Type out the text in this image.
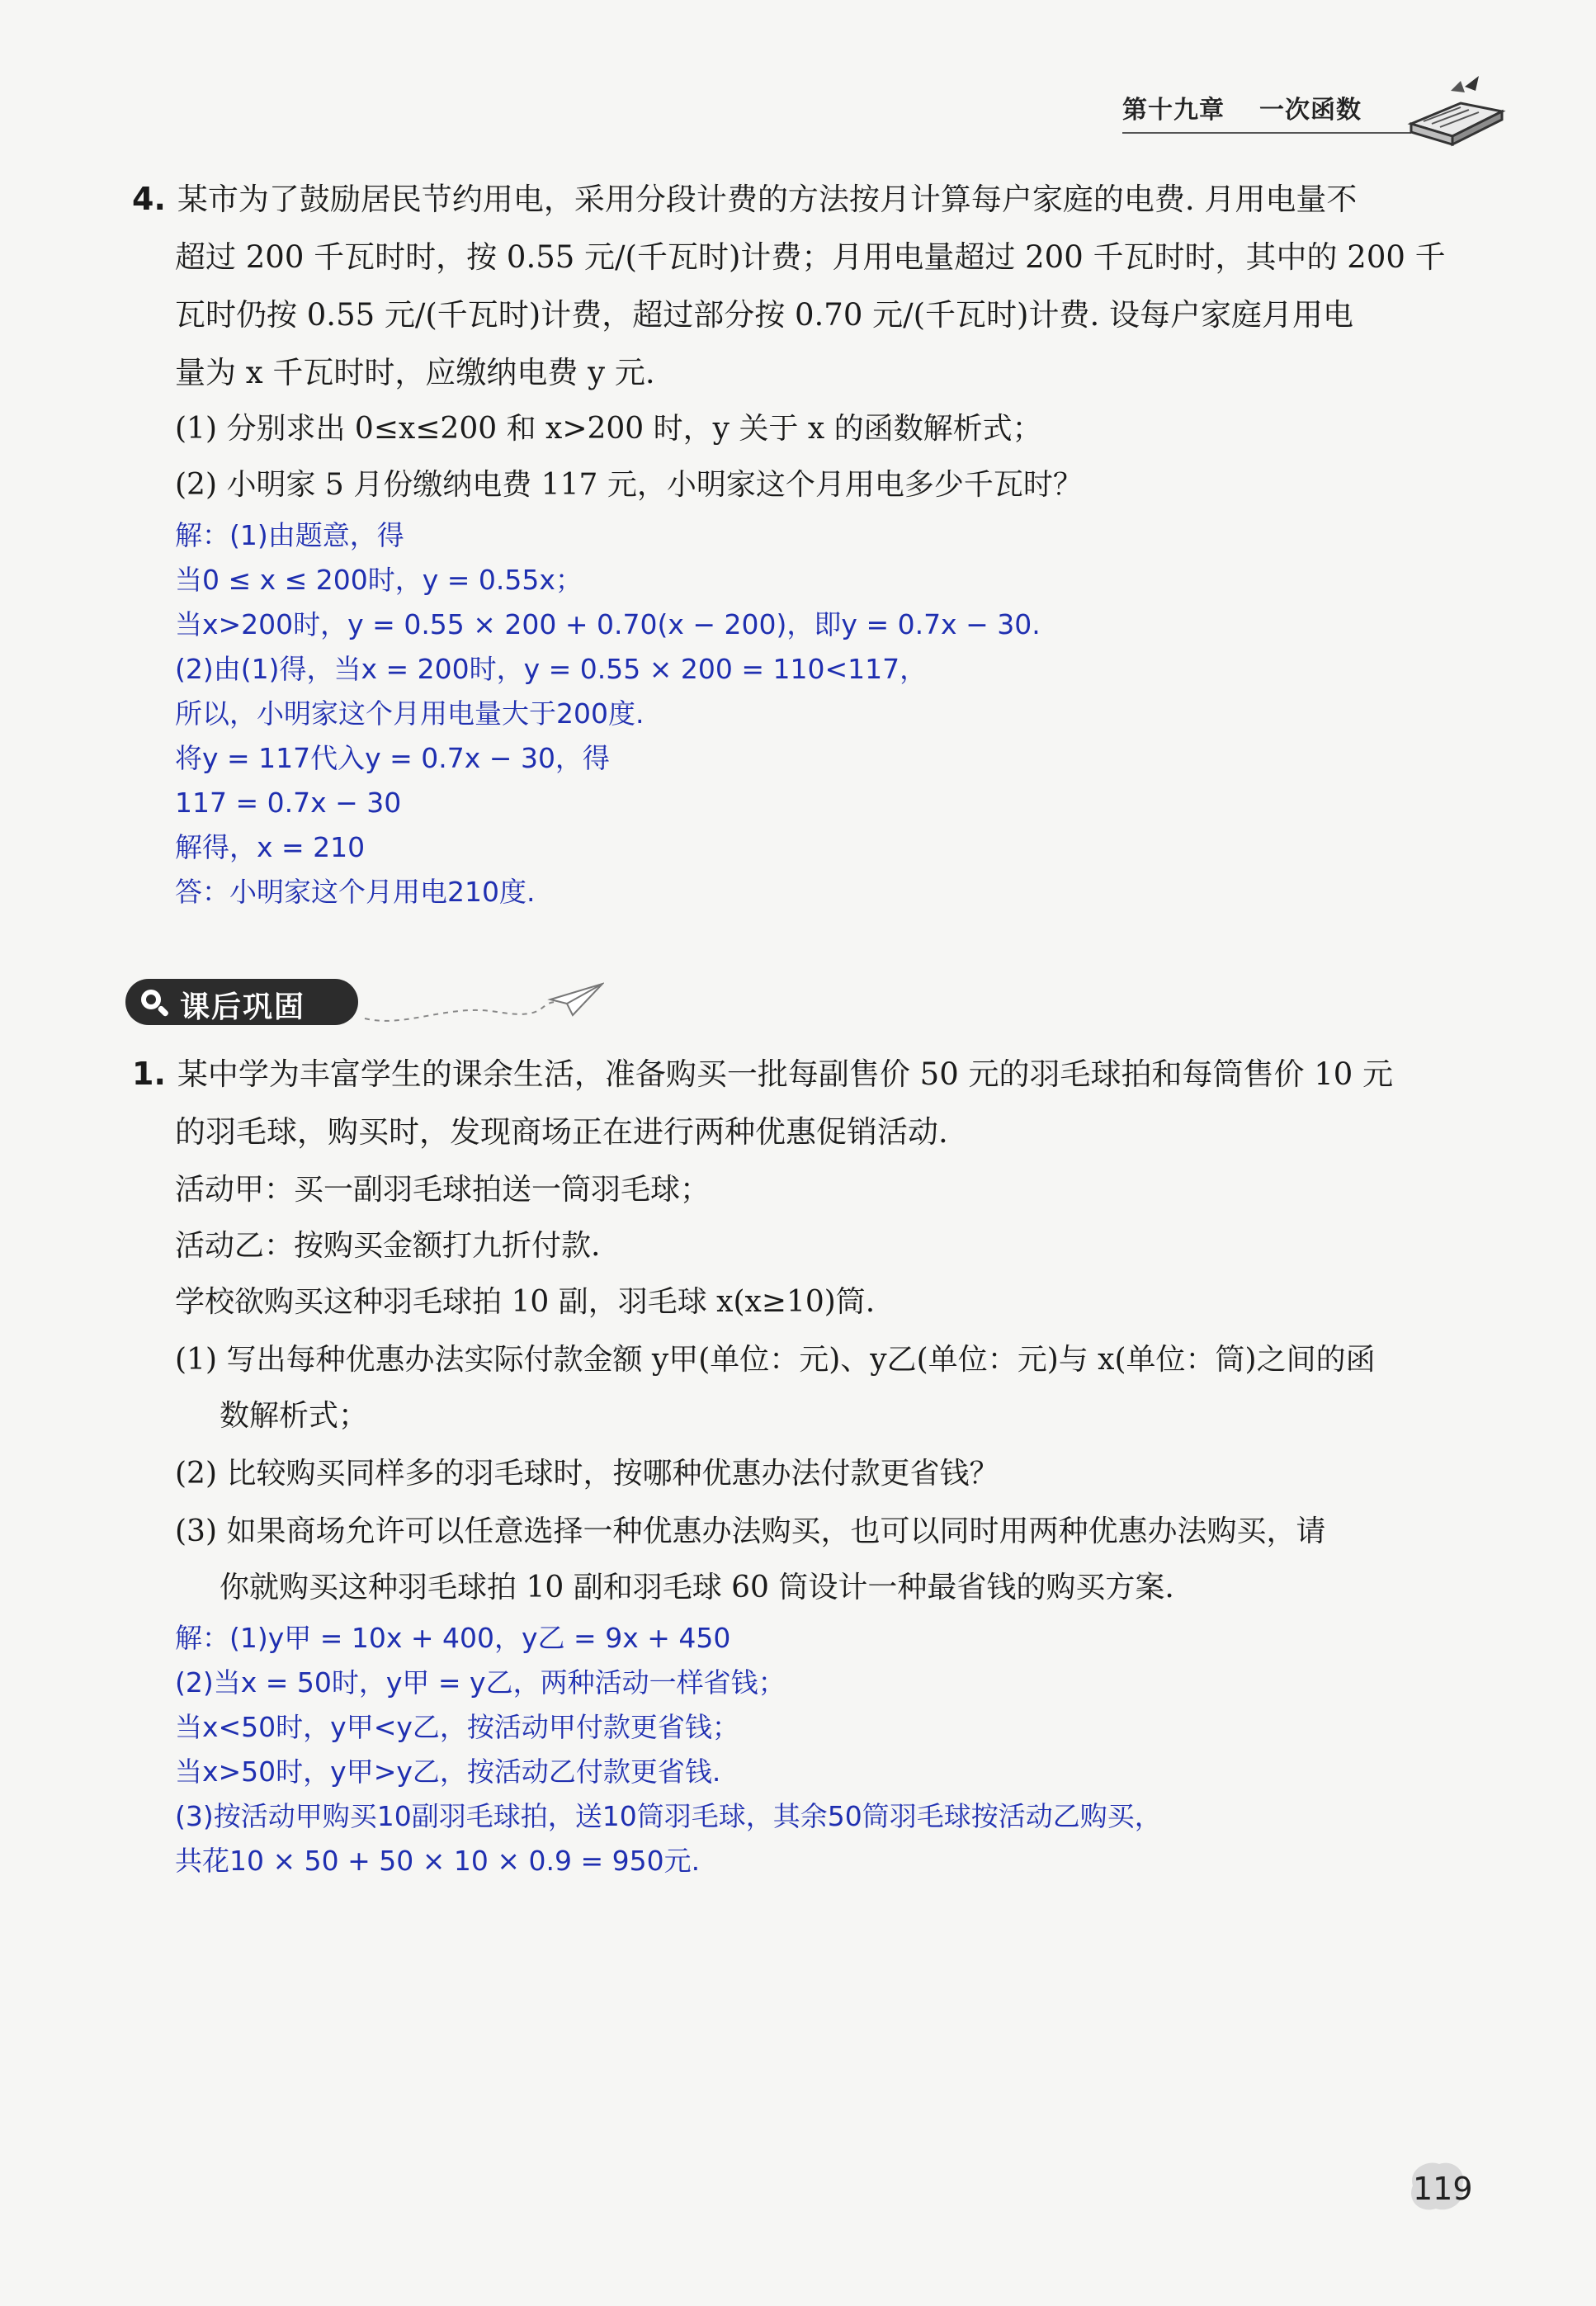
第十九章 一次函数
4. 某市为了鼓励居民节约用电，采用分段计费的方法按月计算每户家庭的电费. 月用电量不
超过 200 千瓦时时，按 0.55 元/(千瓦时)计费；月用电量超过 200 千瓦时时，其中的 200 千
瓦时仍按 0.55 元/(千瓦时)计费，超过部分按 0.70 元/(千瓦时)计费. 设每户家庭月用电
量为 x 千瓦时时，应缴纳电费 y 元.
(1) 分别求出 0≤x≤200 和 x>200 时，y 关于 x 的函数解析式；
(2) 小明家 5 月份缴纳电费 117 元，小明家这个月用电多少千瓦时？
解：(1)由题意，得
当0 ≤ x ≤ 200时，y = 0.55x；
当x>200时，y = 0.55 × 200 + 0.70(x − 200)，即y = 0.7x − 30.
(2)由(1)得，当x = 200时，y = 0.55 × 200 = 110<117，
所以，小明家这个月用电量大于200度.
将y = 117代入y = 0.7x − 30，得
117 = 0.7x − 30
解得，x = 210
答：小明家这个月用电210度.
课后巩固
1. 某中学为丰富学生的课余生活，准备购买一批每副售价 50 元的羽毛球拍和每筒售价 10 元
的羽毛球，购买时，发现商场正在进行两种优惠促销活动.
活动甲：买一副羽毛球拍送一筒羽毛球；
活动乙：按购买金额打九折付款.
学校欲购买这种羽毛球拍 10 副，羽毛球 x(x≥10)筒.
(1) 写出每种优惠办法实际付款金额 y甲(单位：元)、y乙(单位：元)与 x(单位：筒)之间的函
数解析式；
(2) 比较购买同样多的羽毛球时，按哪种优惠办法付款更省钱？
(3) 如果商场允许可以任意选择一种优惠办法购买，也可以同时用两种优惠办法购买，请
你就购买这种羽毛球拍 10 副和羽毛球 60 筒设计一种最省钱的购买方案.
解：(1)y甲 = 10x + 400，y乙 = 9x + 450
(2)当x = 50时，y甲 = y乙，两种活动一样省钱；
当x<50时，y甲<y乙，按活动甲付款更省钱；
当x>50时，y甲>y乙，按活动乙付款更省钱.
(3)按活动甲购买10副羽毛球拍，送10筒羽毛球，其余50筒羽毛球按活动乙购买，
共花10 × 50 + 50 × 10 × 0.9 = 950元.
119
